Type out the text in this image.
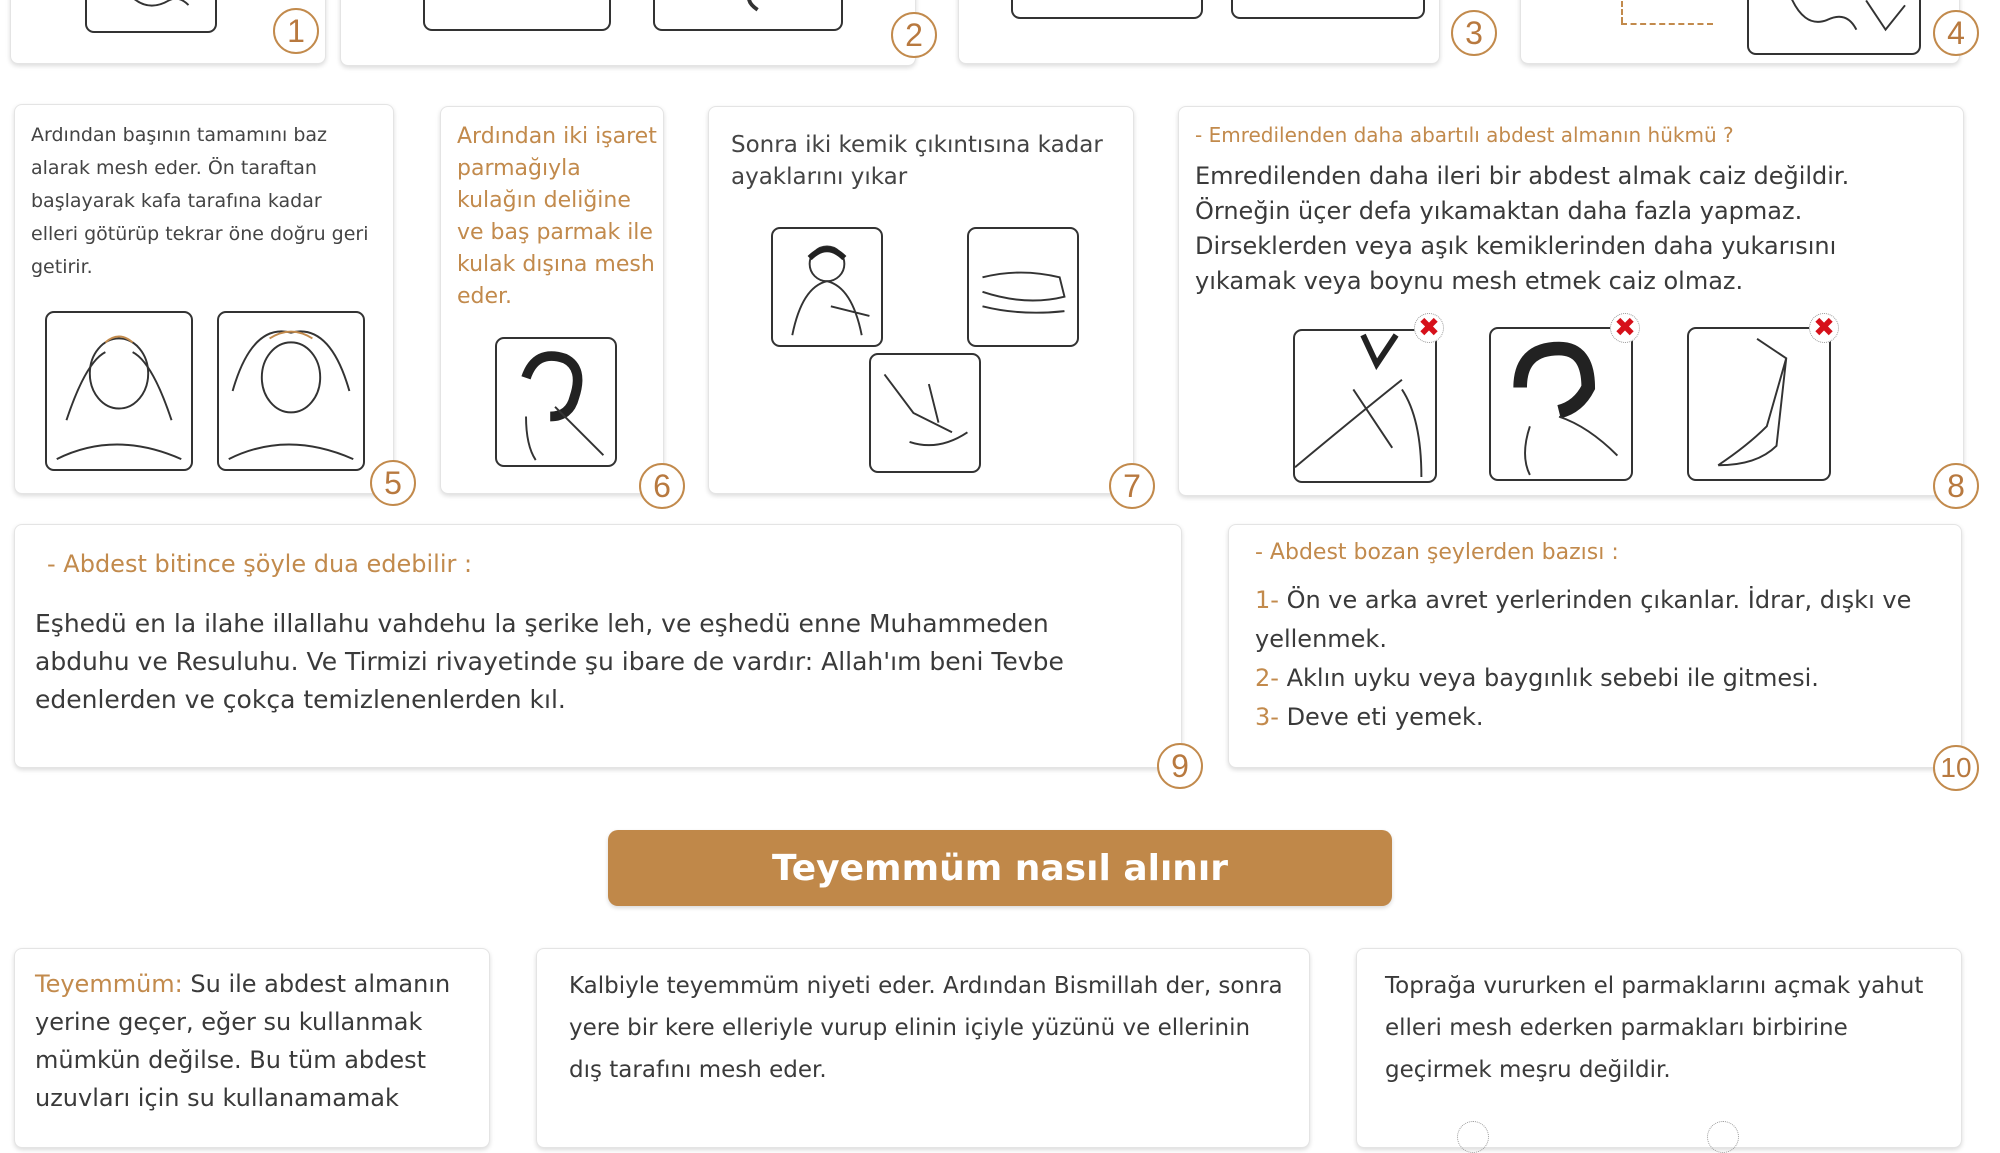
1	2	3	4

Ardından başının tamamını baz alarak mesh eder. Ön taraftan başlayarak kafa tarafına kadar elleri götürüp tekrar öne doğru geri getirir.

5

Ardından iki işaret parmağıyla kulağın deliğine ve baş parmak ile kulak dışına mesh eder.

6

Sonra iki kemik çıkıntısına kadar ayaklarını yıkar

7

- Emredilenden daha abartılı abdest almanın hükmü ?

Emredilenden daha ileri bir abdest almak caiz değildir. Örneğin üçer defa yıkamaktan daha fazla yapmaz. Dirseklerden veya aşık kemiklerinden daha yukarısını yıkamak veya boynu mesh etmek caiz olmaz.

✖	✖	✖
8

- Abdest bitince şöyle dua edebilir :

Eşhedü en la ilahe illallahu vahdehu la şerike leh, ve eşhedü enne Muhammeden abduhu ve Resuluhu. Ve Tirmizi rivayetinde şu ibare de vardır: Allah'ım beni Tevbe edenlerden ve çokça temizlenenlerden kıl.

9

- Abdest bozan şeylerden bazısı :

1- Ön ve arka avret yerlerinden çıkanlar. İdrar, dışkı ve yellenmek.
2- Aklın uyku veya baygınlık sebebi ile gitmesi.
3- Deve eti yemek.
10
Teyemmüm nasıl alınır

Teyemmüm: Su ile abdest almanın yerine geçer, eğer su kullanmak mümkün değilse. Bu tüm abdest uzuvları için su kullanamamak

Kalbiyle teyemmüm niyeti eder. Ardından Bismillah der, sonra yere bir kere elleriyle vurup elinin içiyle yüzünü ve ellerinin dış tarafını mesh eder.

Toprağa vururken el parmaklarını açmak yahut elleri mesh ederken parmakları birbirine geçirmek meşru değildir.
